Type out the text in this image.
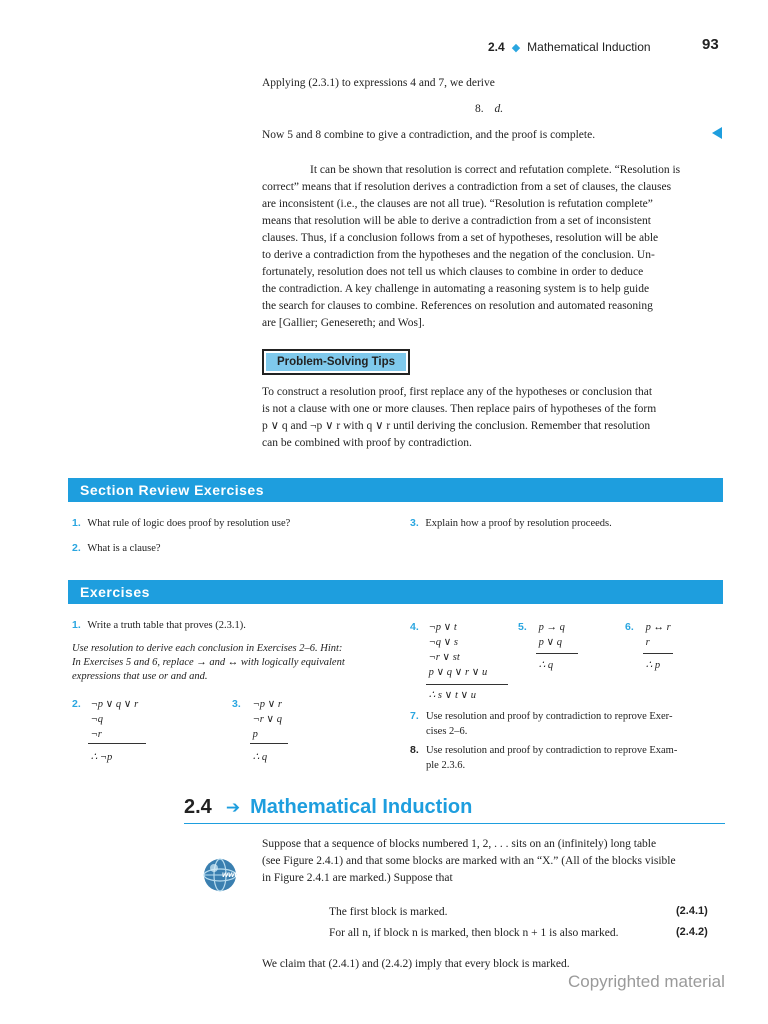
2.4 ◆ Mathematical Induction	93
Applying (2.3.1) to expressions 4 and 7, we derive
8. d.
Now 5 and 8 combine to give a contradiction, and the proof is complete.
It can be shown that resolution is correct and refutation complete. “Resolution is
correct” means that if resolution derives a contradiction from a set of clauses, the clauses
are inconsistent (i.e., the clauses are not all true). “Resolution is refutation complete”
means that resolution will be able to derive a contradiction from a set of inconsistent
clauses. Thus, if a conclusion follows from a set of hypotheses, resolution will be able
to derive a contradiction from the hypotheses and the negation of the conclusion. Un-
fortunately, resolution does not tell us which clauses to combine in order to deduce
the contradiction. A key challenge in automating a reasoning system is to help guide
the search for clauses to combine. References on resolution and automated reasoning
are [Gallier; Genesereth; and Wos].
Problem-Solving Tips
To construct a resolution proof, first replace any of the hypotheses or conclusion that
is not a clause with one or more clauses. Then replace pairs of hypotheses of the form
p ∨ q and ¬p ∨ r with q ∨ r until deriving the conclusion. Remember that resolution
can be combined with proof by contradiction.
Section Review Exercises
1. What rule of logic does proof by resolution use?
2. What is a clause?
3. Explain how a proof by resolution proceeds.
Exercises
1. Write a truth table that proves (2.3.1).
Use resolution to derive each conclusion in Exercises 2–6. Hint:
In Exercises 5 and 6, replace → and ↔ with logically equivalent
expressions that use or and and.
2. ¬p ∨ q ∨ r
¬q
¬r
∴ ¬p
3. ¬p ∨ r
¬r ∨ q
p
∴ q
4. ¬p ∨ t
¬q ∨ s
¬r ∨ st
p ∨ q ∨ r ∨ u
∴ s ∨ t ∨ u
5. p → q
p ∨ q
∴ q
6. p ↔ r
r
∴ p
7. Use resolution and proof by contradiction to reprove Exer-
cises 2–6.
8. Use resolution and proof by contradiction to reprove Exam-
ple 2.3.6.
2.4 ➔ Mathematical Induction
www
Suppose that a sequence of blocks numbered 1, 2, . . . sits on an (infinitely) long table
(see Figure 2.4.1) and that some blocks are marked with an “X.” (All of the blocks visible
in Figure 2.4.1 are marked.) Suppose that
The first block is marked.	(2.4.1)
For all n, if block n is marked, then block n + 1 is also marked.	(2.4.2)
We claim that (2.4.1) and (2.4.2) imply that every block is marked.
Copyrighted material
